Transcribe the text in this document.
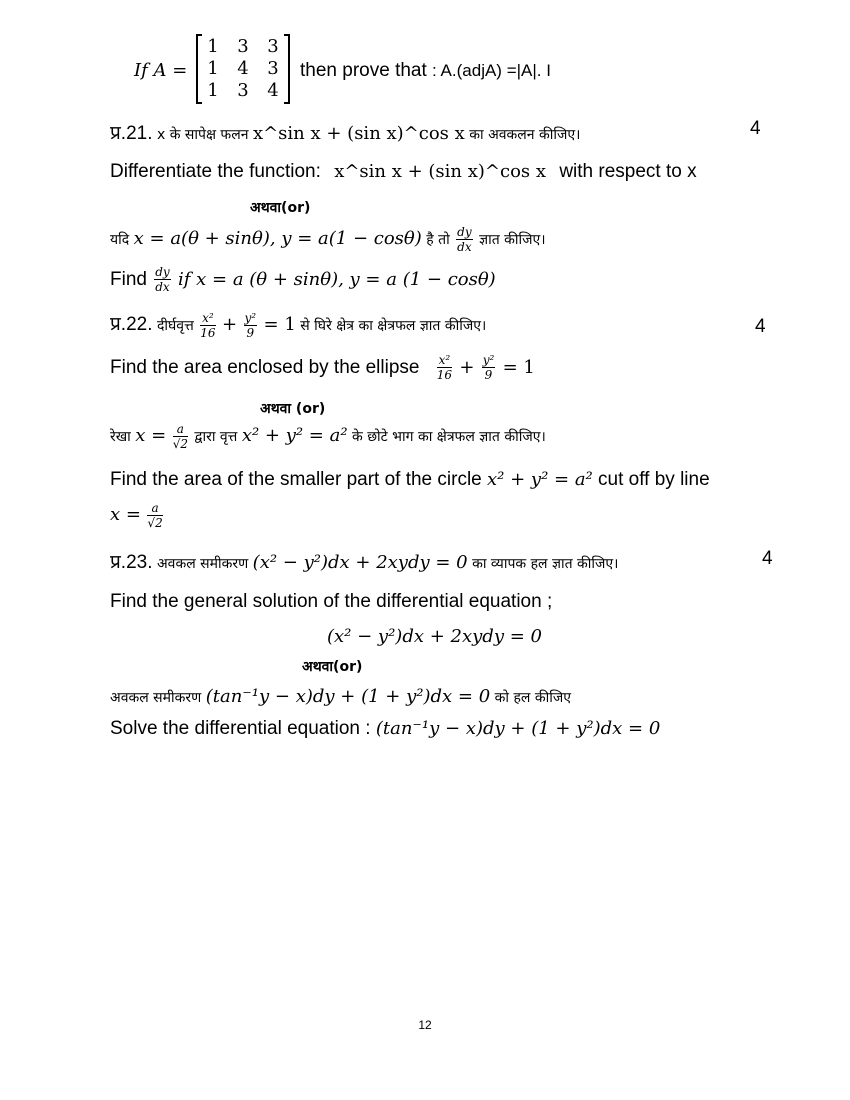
If A =
1	3	3
1	4	3
1	3	4
then prove that : A.(adjA) =|A|. I
प्र.21. x के सापेक्ष फलन x^sin x + (sin x)^cos x का अवकलन कीजिए।	4
Differentiate the function: x^sin x + (sin x)^cos x with respect to x
अथवा(or)
यदि x = a(θ + sinθ), y = a(1 − cosθ) है तो $\frac{dy}{dx}$ ज्ञात कीजिए।
Find $\frac{dy}{dx}$ if x = a (θ + sinθ), y = a (1 − cosθ)
प्र.22. दीर्घवृत्त $\frac{\text{x²}}{16} + \frac{\text{y²}}{9} = 1$ से घिरे क्षेत्र का क्षेत्रफल ज्ञात कीजिए।	4
Find the area enclosed by the ellipse $\frac{\text{x²}}{16} + \frac{\text{y²}}{9} = 1$
अथवा (or)
रेखा $x = \frac{a}{√2}$ द्वारा वृत्त x² + y² = a² के छोटे भाग का क्षेत्रफल ज्ञात कीजिए।
Find the area of the smaller part of the circle x² + y² = a² cut off by line
$x = \frac{a}{√2}$
प्र.23. अवकल समीकरण (x² − y²)dx + 2xydy = 0 का व्यापक हल ज्ञात कीजिए।	4
Find the general solution of the differential equation ;
(x² − y²)dx + 2xydy = 0
अथवा(or)
अवकल समीकरण (tan⁻¹y − x)dy + (1 + y²)dx = 0 को हल कीजिए
Solve the differential equation : (tan⁻¹y − x)dy + (1 + y²)dx = 0
12
